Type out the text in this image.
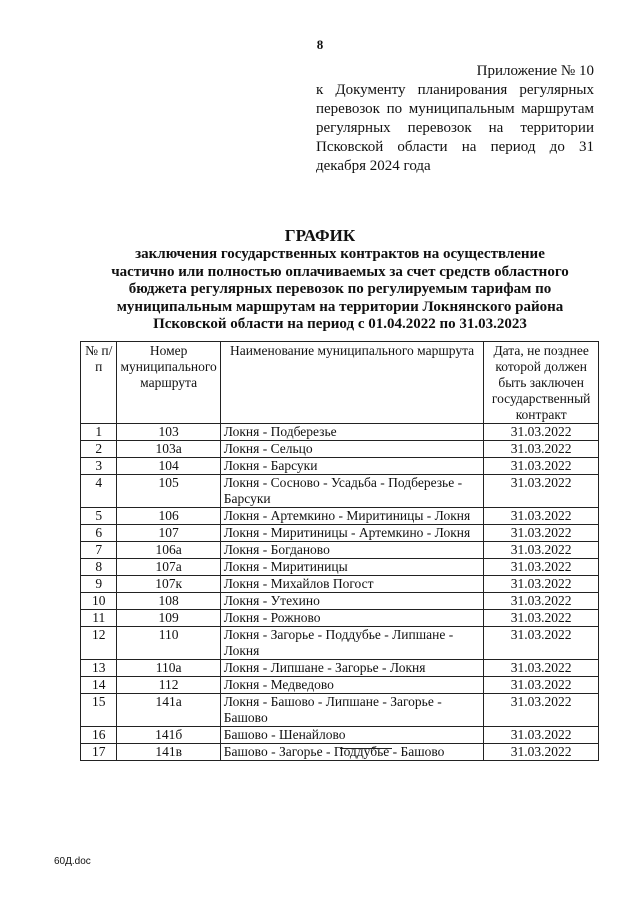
8
Приложение № 10
к Документу планирования регулярных перевозок по муниципальным маршрутам регулярных перевозок на территории Псковской области на период до 31 декабря 2024 года
ГРАФИК
заключения государственных контрактов на осуществление частично или полностью оплачиваемых за счет средств областного бюджета регулярных перевозок по регулируемым тарифам по муниципальным маршрутам на территории Локнянского района Псковской области на период с 01.04.2022 по 31.03.2023
№ п/п	Номер муниципального маршрута	Наименование муниципального маршрута	Дата, не позднее которой должен быть заключен государственный контракт
1	103	Локня - Подберезье	31.03.2022
2	103а	Локня - Сельцо	31.03.2022
3	104	Локня - Барсуки	31.03.2022
4	105	Локня - Сосново - Усадьба - Подберезье - Барсуки	31.03.2022
5	106	Локня - Артемкино - Миритиницы - Локня	31.03.2022
6	107	Локня - Миритиницы - Артемкино - Локня	31.03.2022
7	106а	Локня - Богданово	31.03.2022
8	107а	Локня - Миритиницы	31.03.2022
9	107к	Локня - Михайлов Погост	31.03.2022
10	108	Локня - Утехино	31.03.2022
11	109	Локня - Рожново	31.03.2022
12	110	Локня - Загорье - Поддубье - Липшане - Локня	31.03.2022
13	110а	Локня - Липшане - Загорье - Локня	31.03.2022
14	112	Локня - Медведово	31.03.2022
15	141а	Локня - Башово - Липшане - Загорье - Башово	31.03.2022
16	141б	Башово - Шенайлово	31.03.2022
17	141в	Башово - Загорье - Поддубье - Башово	31.03.2022
60Д.doc
